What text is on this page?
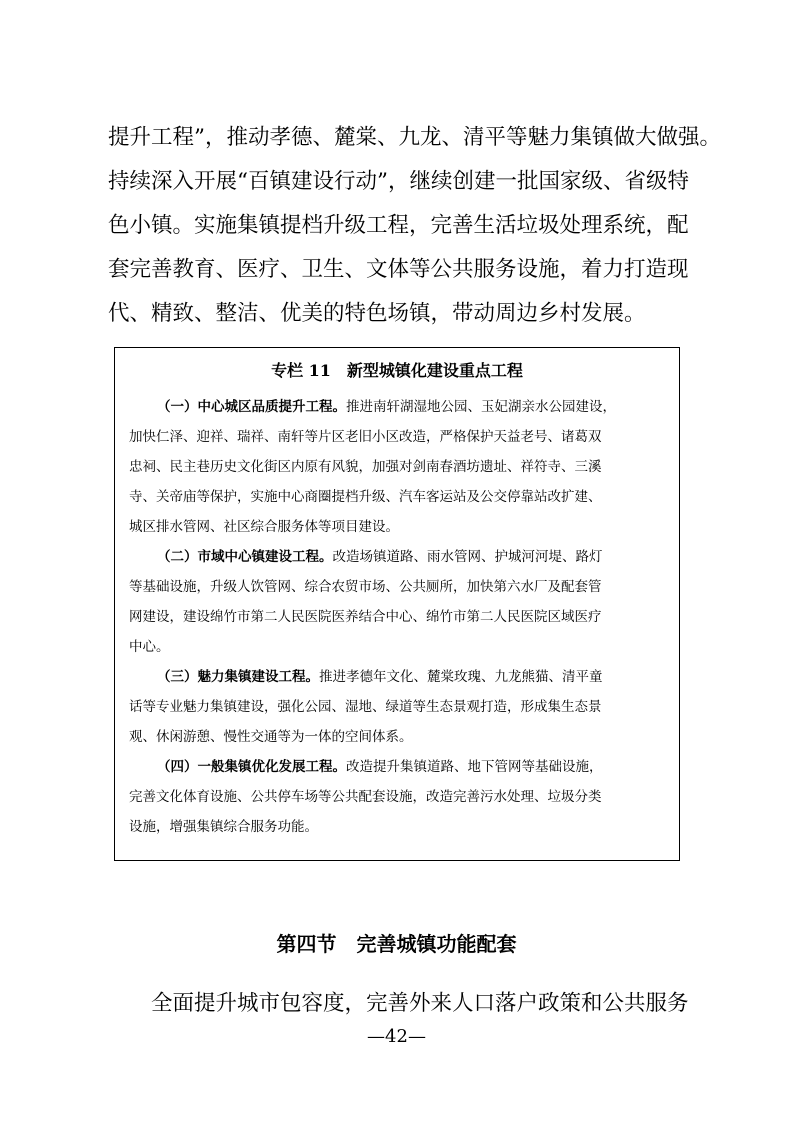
提升工程”，推动孝德、麓棠、九龙、清平等魅力集镇做大做强。
持续深入开展“百镇建设行动”，继续创建一批国家级、省级特
色小镇。实施集镇提档升级工程，完善生活垃圾处理系统，配
套完善教育、医疗、卫生、文体等公共服务设施，着力打造现
代、精致、整洁、优美的特色场镇，带动周边乡村发展。
专栏 11　新型城镇化建设重点工程
（一）中心城区品质提升工程。推进南轩湖湿地公园、玉妃湖亲水公园建设，
加快仁泽、迎祥、瑞祥、南轩等片区老旧小区改造，严格保护天益老号、诸葛双
忠祠、民主巷历史文化街区内原有风貌，加强对剑南春酒坊遗址、祥符寺、三溪
寺、关帝庙等保护，实施中心商圈提档升级、汽车客运站及公交停靠站改扩建、
城区排水管网、社区综合服务体等项目建设。
（二）市域中心镇建设工程。改造场镇道路、雨水管网、护城河河堤、路灯
等基础设施，升级人饮管网、综合农贸市场、公共厕所，加快第六水厂及配套管
网建设，建设绵竹市第二人民医院医养结合中心、绵竹市第二人民医院区域医疗
中心。
（三）魅力集镇建设工程。推进孝德年文化、麓棠玫瑰、九龙熊猫、清平童
话等专业魅力集镇建设，强化公园、湿地、绿道等生态景观打造，形成集生态景
观、休闲游憩、慢性交通等为一体的空间体系。
（四）一般集镇优化发展工程。改造提升集镇道路、地下管网等基础设施，
完善文化体育设施、公共停车场等公共配套设施，改造完善污水处理、垃圾分类
设施，增强集镇综合服务功能。
第四节　完善城镇功能配套
全面提升城市包容度，完善外来人口落户政策和公共服务
—42—
